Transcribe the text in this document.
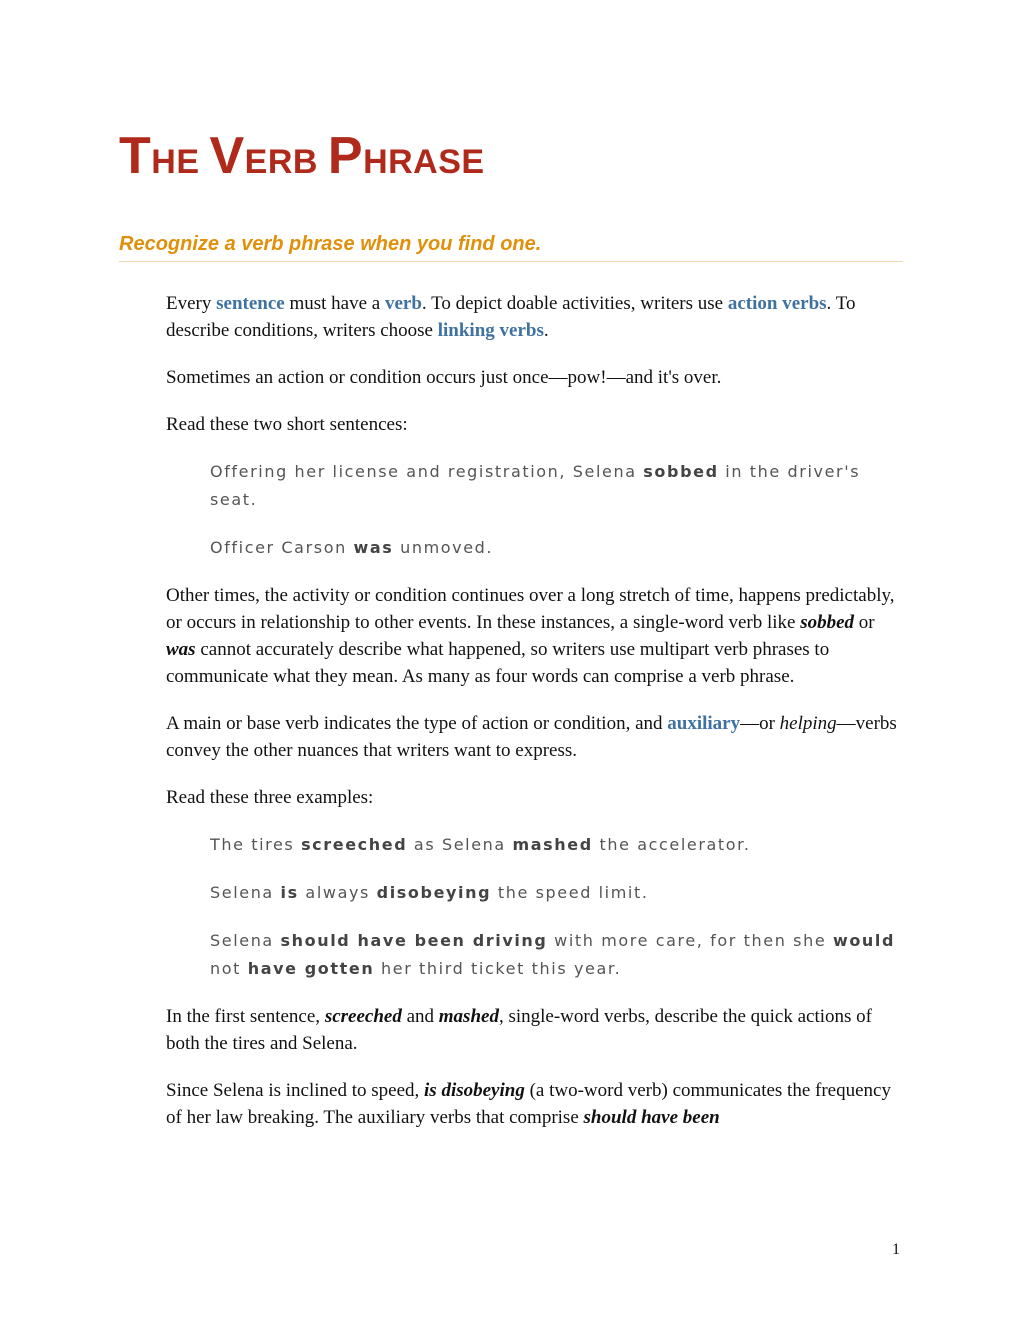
THE VERB PHRASE
Recognize a verb phrase when you find one.

Every sentence must have a verb. To depict doable activities, writers use action verbs. To describe conditions, writers choose linking verbs.

Sometimes an action or condition occurs just once—pow!—and it's over.

Read these two short sentences:

Offering her license and registration, Selena sobbed in the driver's seat.

Officer Carson was unmoved.

Other times, the activity or condition continues over a long stretch of time, happens predictably, or occurs in relationship to other events. In these instances, a single-word verb like sobbed or was cannot accurately describe what happened, so writers use multipart verb phrases to communicate what they mean. As many as four words can comprise a verb phrase.

A main or base verb indicates the type of action or condition, and auxiliary—or helping—verbs convey the other nuances that writers want to express.

Read these three examples:

The tires screeched as Selena mashed the accelerator.

Selena is always disobeying the speed limit.

Selena should have been driving with more care, for then she would not have gotten her third ticket this year.

In the first sentence, screeched and mashed, single-word verbs, describe the quick actions of both the tires and Selena.

Since Selena is inclined to speed, is disobeying (a two-word verb) communicates the frequency of her law breaking. The auxiliary verbs that comprise should have been

1
